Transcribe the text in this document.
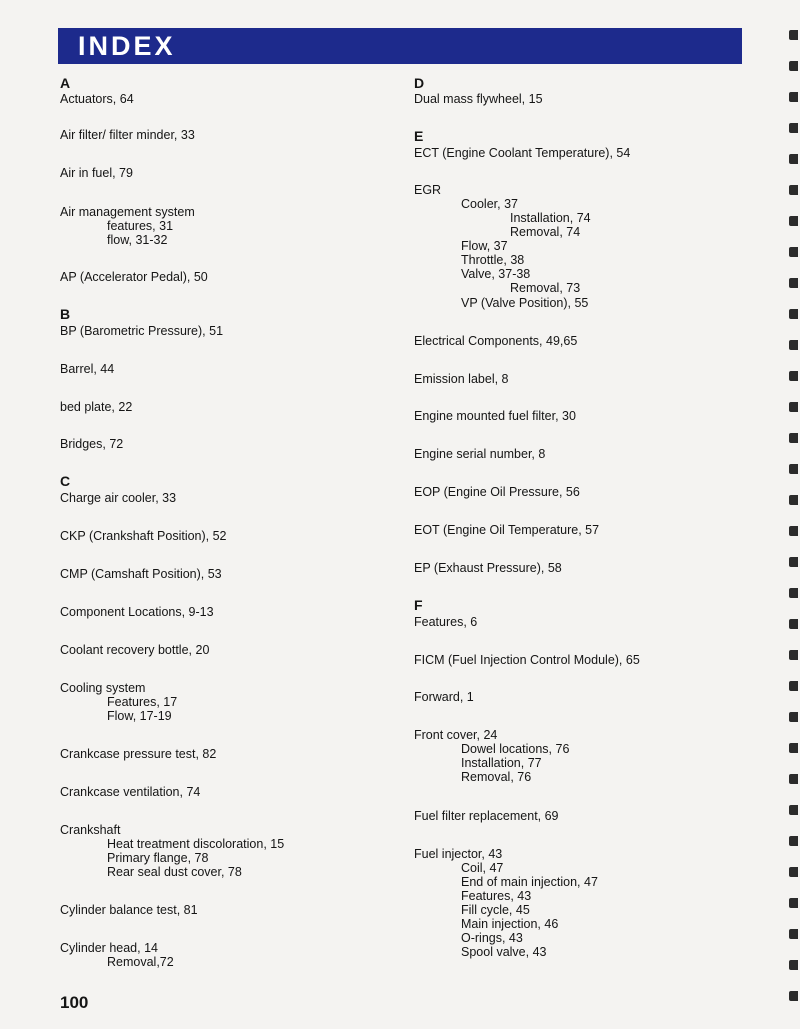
INDEX
A
Actuators, 64
Air filter/ filter minder, 33
Air in fuel, 79
Air management system
features, 31
flow, 31-32
AP (Accelerator Pedal), 50
B
BP (Barometric Pressure), 51
Barrel, 44
bed plate, 22
Bridges, 72
C
Charge air cooler, 33
CKP (Crankshaft Position), 52
CMP (Camshaft Position), 53
Component Locations, 9-13
Coolant recovery bottle, 20
Cooling system
Features, 17
Flow, 17-19
Crankcase pressure test, 82
Crankcase ventilation, 74
Crankshaft
Heat treatment discoloration, 15
Primary flange, 78
Rear seal dust cover, 78
Cylinder balance test, 81
Cylinder head, 14
Removal,72
D
Dual mass flywheel, 15
E
ECT (Engine Coolant Temperature), 54
EGR
Cooler, 37
Installation, 74
Removal, 74
Flow, 37
Throttle, 38
Valve, 37-38
Removal, 73
VP (Valve Position), 55
Electrical Components, 49,65
Emission label, 8
Engine mounted fuel filter, 30
Engine serial number, 8
EOP (Engine Oil Pressure, 56
EOT (Engine Oil Temperature, 57
EP (Exhaust Pressure), 58
F
Features, 6
FICM (Fuel Injection Control Module), 65
Forward, 1
Front cover, 24
Dowel locations, 76
Installation, 77
Removal, 76
Fuel filter replacement, 69
Fuel injector, 43
Coil, 47
End of main injection, 47
Features, 43
Fill cycle, 45
Main injection, 46
O-rings, 43
Spool valve, 43
100
